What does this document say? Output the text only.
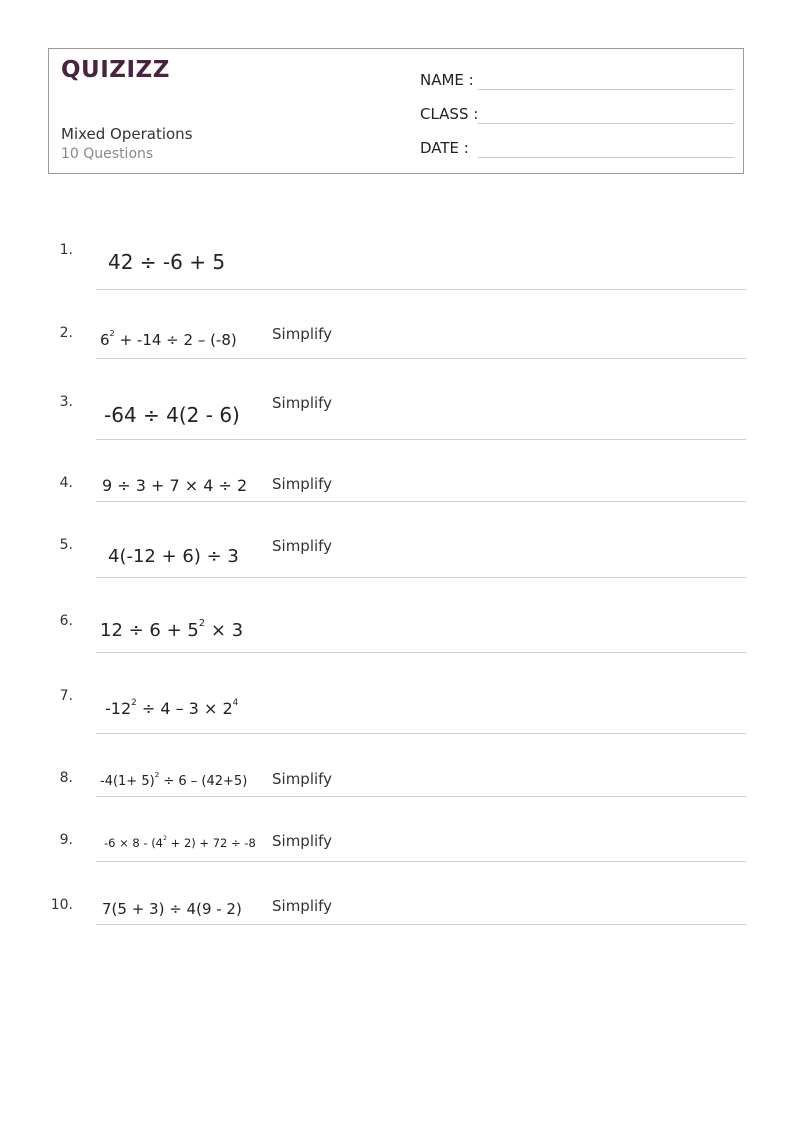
QUIZIZZ
Mixed Operations
10 Questions
NAME :
CLASS :
DATE :
1. 42 ÷ -6 + 5
2. $6^2 + -14 \div 2 - (-8)$ Simplify
3.
-64 ÷ 4(2 - 6) Simplify
4. 9 ÷ 3 + 7 × 4 ÷ 2 Simplify
5.
4(-12 + 6) ÷ 3 Simplify
6. $12 \div 6 + 5^2 \times 3$
7.
$-12^2 \div 4 - 3 \times 2^4$
8. $-4(1+ 5)^2 \div 6 - (42+5)$ Simplify
9.	$-6 \times 8 - (4^2 + 2) + 72 \div -8$ Simplify
10. 7(5 + 3) ÷ 4(9 - 2) Simplify
